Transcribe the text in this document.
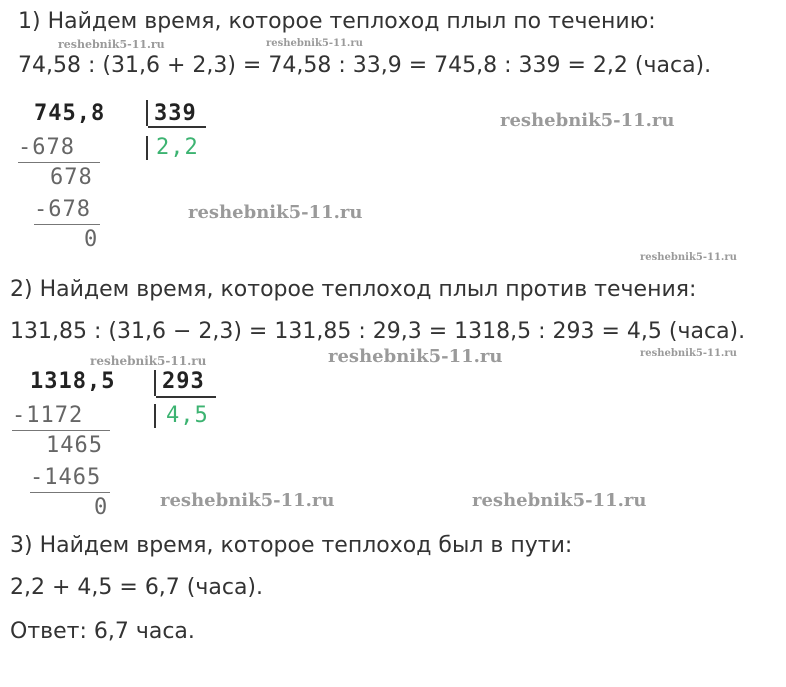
1) Найдем время, которое теплоход плыл по течению:
74,58 : (31,6 + 2,3) = 74,58 : 33,9 = 745,8 : 339 = 2,2 (часа).
745,8 339
2,2
-678
678
-678
0
2) Найдем время, которое теплоход плыл против течения:
131,85 : (31,6 − 2,3) = 131,85 : 29,3 = 1318,5 : 293 = 4,5 (часа).
1318,5 293
4,5
-1172
1465
-1465
0
3) Найдем время, которое теплоход был в пути:
2,2 + 4,5 = 6,7 (часа).
Ответ: 6,7 часа.
reshebnik5-11.ru	reshebnik5-11.ru
reshebnik5-11.ru
reshebnik5-11.ru
reshebnik5-11.ru
reshebnik5-11.ru	reshebnik5-11.ru	reshebnik5-11.ru
reshebnik5-11.ru	reshebnik5-11.ru
